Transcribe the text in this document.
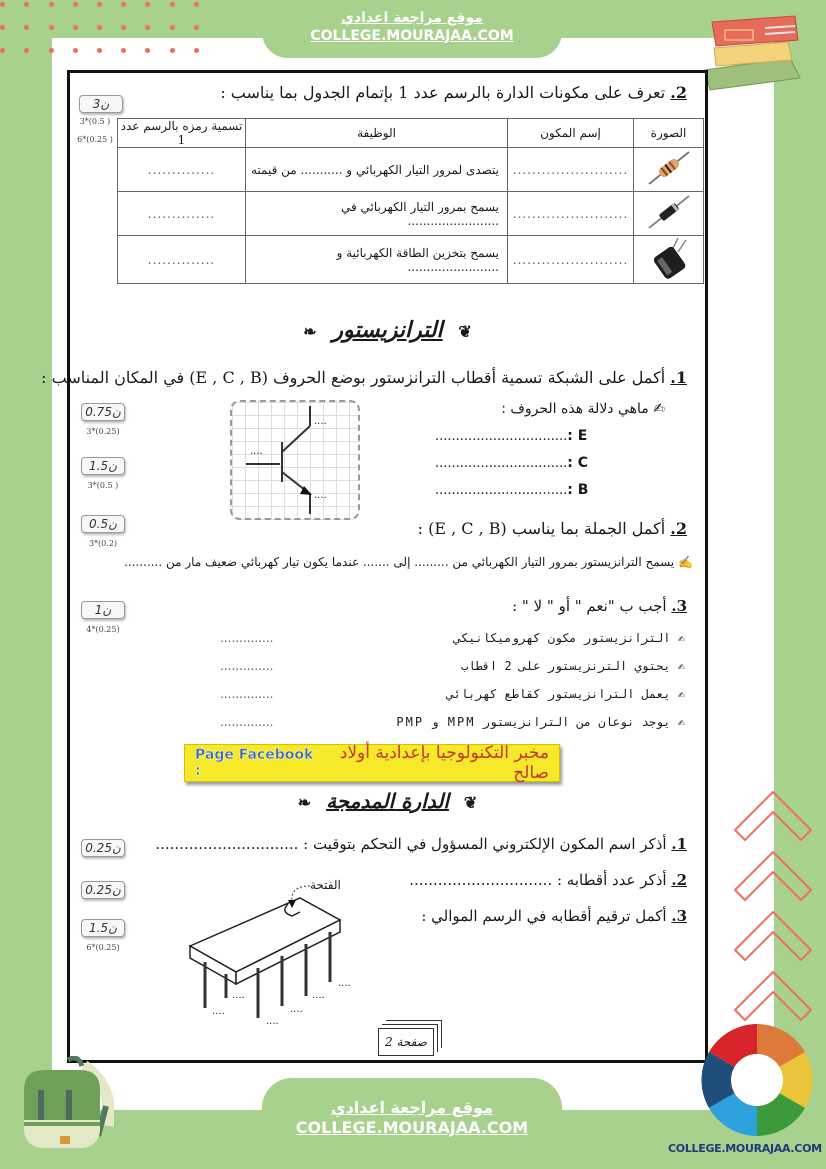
موقع مراجعة اعدادي
COLLEGE.MOURAJAA.COM
3ن
3*(0.5 )
6*(0.25 )
2. تعرف على مكونات الدارة بالرسم عدد 1 بإتمام الجدول بما يناسب :
الصورة	إسم المكون	الوظيفة	تسمية رمزه بالرسم عدد 1
	........................	يتصدى لمرور التيار الكهربائي و ........... من قيمته	..............
	........................	يسمح بمرور التيار الكهربائي في ........................	..............
	........................	يسمح بتخزين الطاقة الكهربائية و ........................	..............
❦ الترانزيستور ❧
1. أكمل على الشبكة تسمية أقطاب الترانزستور بوضع الحروف (E , C , B) في المكان المناسب :
0.75ن
3*(0.25)
1.5ن
3*(0.5 )
....
....
....
✍ ماهي دلالة هذه الحروف :
................................: E
................................: C
................................: B
0.5ن
3*(0.2)
2. أكمل الجملة بما يناسب (E , C , B) :
✍ يسمح الترانزيستور بمرور التيار الكهربائي من ......... إلى ....... عندما يكون تيار كهربائي ضعيف مار من ..........
1ن
4*(0.25)
3. أجب ب "نعم " أو " لا " :
..............	✍ الترانزيستور مكون كهروميكانيكي
..............	✍ يحتوي الترنزيستور على 2 اقطاب
..............	✍ يعمل الترانزيستور كقاطع كهربائي
..............	✍ يوجد نوعان من الترانزيستور MPM و PMP
Page Facebook :
مخبر التكنولوجيا بإعدادية أولاد صالح
❦ الدارة المدمجة ❧
0.25ن	1. أذكر اسم المكون الإلكتروني المسؤول في التحكم بتوقيت : ..............................
0.25ن
2. أذكر عدد أقطابه : ..............................
1.5ن
6*(0.25)
3. أكمل ترقيم أقطابه في الرسم الموالي :
الفتحة
....
....
....
....
....
....
صفحة 2
COLLEGE.MOURAJAA.COM
موقع مراجعة اعدادي
COLLEGE.MOURAJAA.COM
